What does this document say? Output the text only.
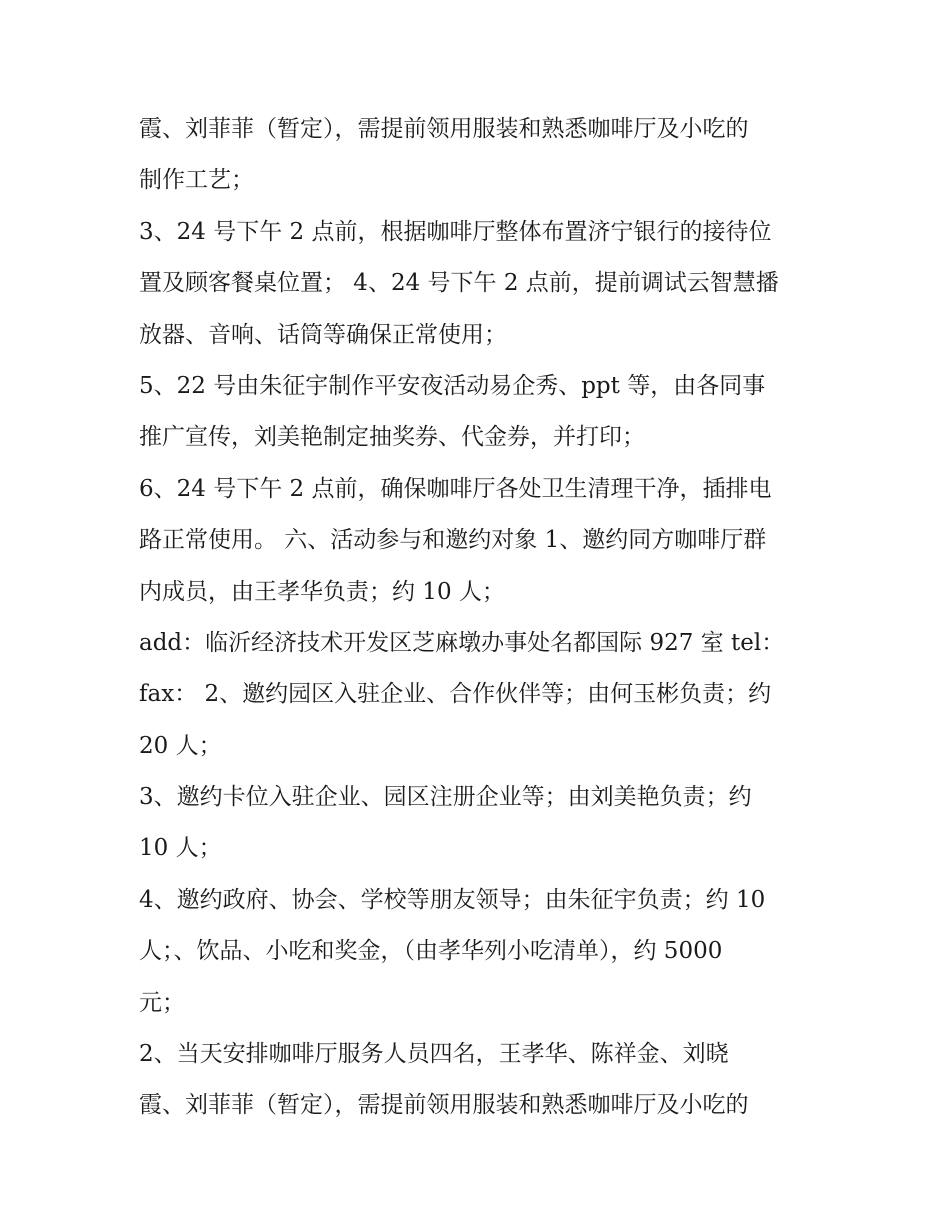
霞、刘菲菲（暂定），需提前领用服装和熟悉咖啡厅及小吃的
制作工艺；
3、24 号下午 2 点前，根据咖啡厅整体布置济宁银行的接待位
置及顾客餐桌位置； 4、24 号下午 2 点前，提前调试云智慧播
放器、音响、话筒等确保正常使用；
5、22 号由朱征宇制作平安夜活动易企秀、ppt 等，由各同事
推广宣传，刘美艳制定抽奖券、代金券，并打印；
6、24 号下午 2 点前，确保咖啡厅各处卫生清理干净，插排电
路正常使用。 六、活动参与和邀约对象 1、邀约同方咖啡厅群
内成员，由王孝华负责；约 10 人；
add：临沂经济技术开发区芝麻墩办事处名都国际 927 室 tel：
fax： 2、邀约园区入驻企业、合作伙伴等；由何玉彬负责；约
20 人；
3、邀约卡位入驻企业、园区注册企业等；由刘美艳负责；约
10 人；
4、邀约政府、协会、学校等朋友领导；由朱征宇负责；约 10
人；、饮品、小吃和奖金，（由孝华列小吃清单），约 5000
元；
2、当天安排咖啡厅服务人员四名，王孝华、陈祥金、刘晓
霞、刘菲菲（暂定），需提前领用服装和熟悉咖啡厅及小吃的
